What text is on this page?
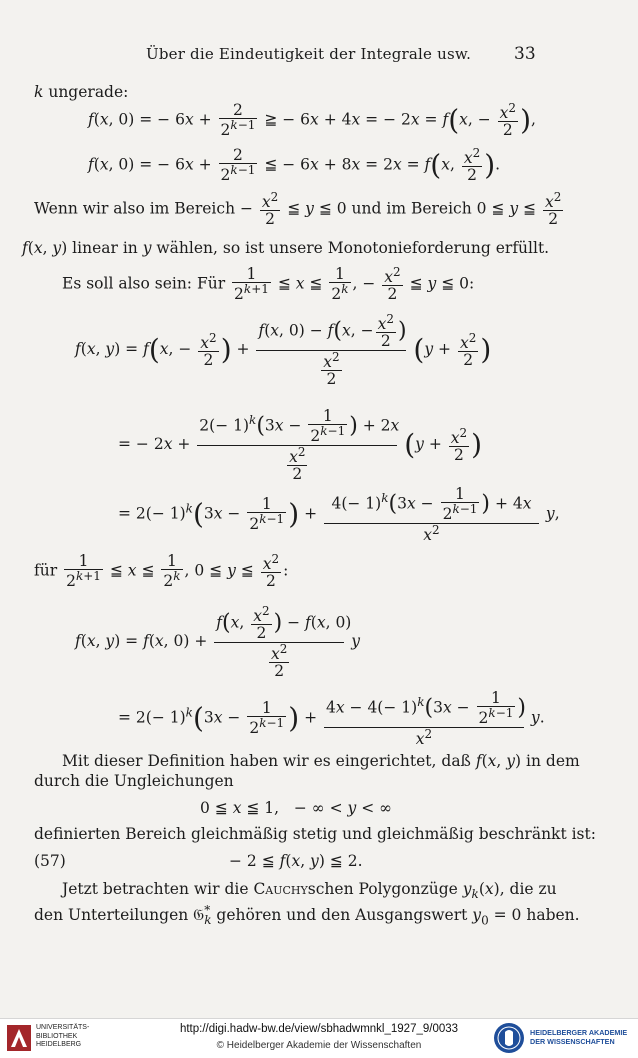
Über die Eindeutigkeit der Integrale usw.	33
k ungerade:
f(x, 0) = − $6x + \frac{2}{2^{k-1}}$ ≧ − 6x + 4x = − 2x = f(x, − $\frac{x^2}{2}$ ),
f(x, 0) = − $6x + \frac{2}{2^{k-1}}$ ≦ − 6x + 8x = 2x = f(x, $\frac{x^2}{2}$ ).
Wenn wir also im Bereich − $\frac{x^2}{2}$ ≦ y ≦ 0 und im Bereich 0 ≦ y ≦ $\frac{x^2}{2}$
f(x, y) linear in y wählen, so ist unsere Monotonieforderung erfüllt.
Es soll also sein: Für $\frac{1}{2^{k+1}}$ ≦ x ≦ $\frac{1}{2^k}$ , − $\frac{x^2}{2}$ ≦ y ≦ 0:
f(x, y) = f(x, − $\frac{x^2}{2}$ ) + $\frac{f(x, 0) - f(x, - \frac{x^2}{2} )}{\frac{x^2}{2}} (y + \frac{x^2}{2}$ )
= − $2x + \frac{2(- 1)^k(3x - \frac{1}{2^{k-1}} ) + 2x}{\frac{x^2}{2}} (y + \frac{x^2}{2}$ )
= $2(- 1)^k(3x - \frac{1}{2^{k-1}}$ ) + $\frac{4(- 1)^k(3x - \frac{1}{2^{k-1}} ) + 4x}{x^2} y$,
für $\frac{1}{2^{k+1}}$ ≦ x ≦ $\frac{1}{2^k}$ , 0 ≦ y ≦ $\frac{x^2}{2}$ :
f(x, y) = f(x, $0) + \frac{f(x, \frac{x^2}{2} ) - f(x, 0)}{\frac{x^2}{2}}$ y
= $2(- 1)^k(3x - \frac{1}{2^{k-1}}$ ) + $\frac{4x - 4(- 1)^k(3x - \frac{1}{2^{k-1}} )}{x^2} y$.
Mit dieser Definition haben wir es eingerichtet, daß f(x, y) in dem
durch die Ungleichungen
0 ≦ x ≦ 1,   − ∞ < y < ∞
definierten Bereich gleichmäßig stetig und gleichmäßig beschränkt ist:
(57)	− 2 ≦ f(x, y) ≦ 2.
Jetzt betrachten wir die Cauchyschen Polygonzüge $y_k(x)$, die zu
den Unterteilungen 𝔊*$_k$ gehören und den Ausgangswert $y_0 = 0$ haben.
UNIVERSITÄTS-
BIBLIOTHEK
HEIDELBERG
http://digi.hadw-bw.de/view/sbhadwmnkl_1927_9/0033
© Heidelberger Akademie der Wissenschaften
HEIDELBERGER AKADEMIE
DER WISSENSCHAFTEN
